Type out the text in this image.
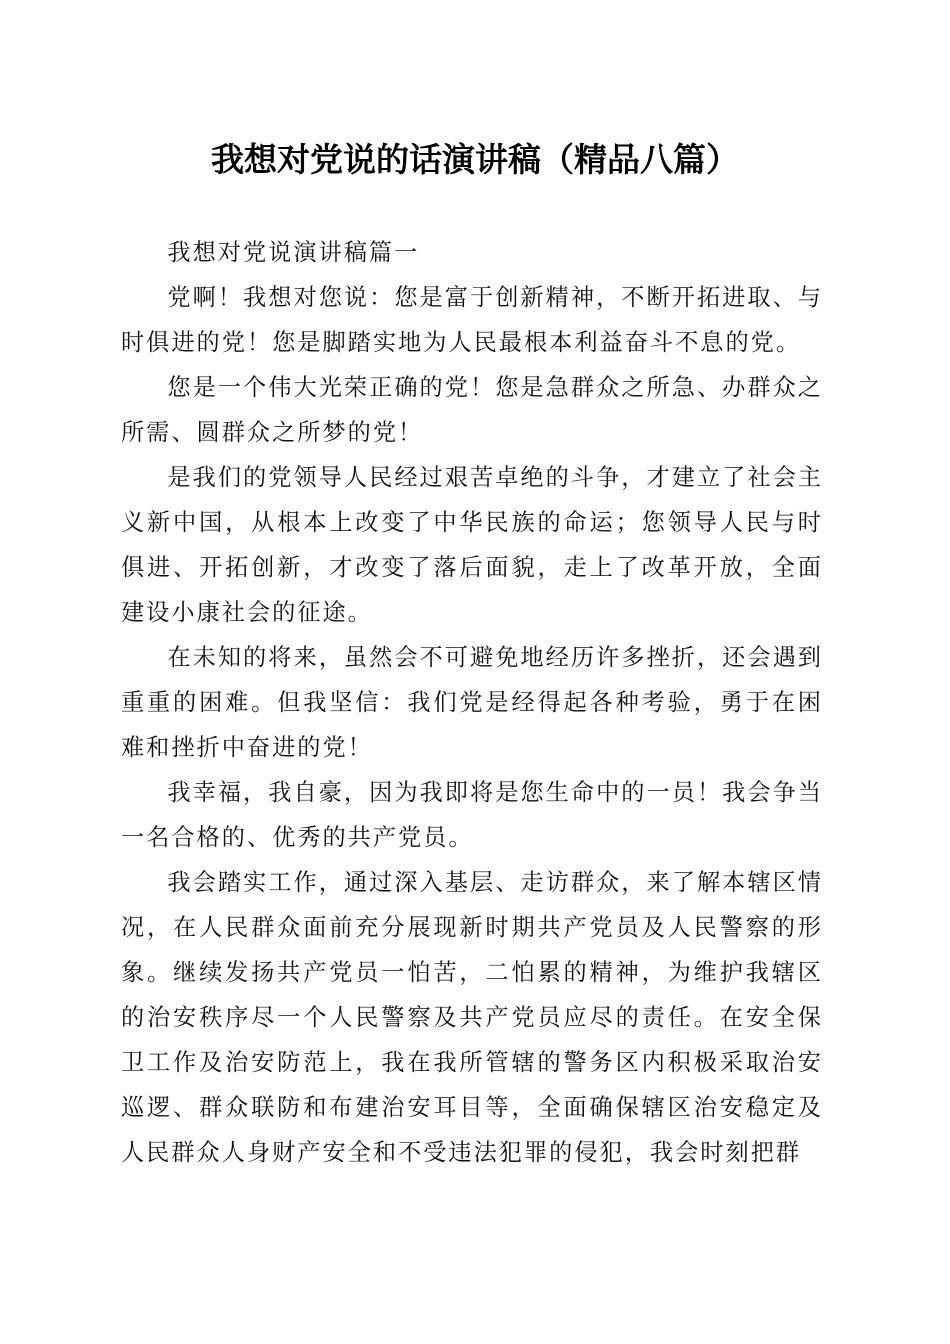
我想对党说的话演讲稿（精品八篇）

我想对党说演讲稿篇一

党啊！我想对您说：您是富于创新精神，不断开拓进取、与时俱进的党！您是脚踏实地为人民最根本利益奋斗不息的党。

您是一个伟大光荣正确的党！您是急群众之所急、办群众之所需、圆群众之所梦的党！

是我们的党领导人民经过艰苦卓绝的斗争，才建立了社会主义新中国，从根本上改变了中华民族的命运；您领导人民与时俱进、开拓创新，才改变了落后面貌，走上了改革开放，全面建设小康社会的征途。

在未知的将来，虽然会不可避免地经历许多挫折，还会遇到重重的困难。但我坚信：我们党是经得起各种考验，勇于在困难和挫折中奋进的党！

我幸福，我自豪，因为我即将是您生命中的一员！我会争当一名合格的、优秀的共产党员。

我会踏实工作，通过深入基层、走访群众，来了解本辖区情况，在人民群众面前充分展现新时期共产党员及人民警察的形象。继续发扬共产党员一怕苦，二怕累的精神，为维护我辖区的治安秩序尽一个人民警察及共产党员应尽的责任。在安全保卫工作及治安防范上，我在我所管辖的警务区内积极采取治安巡逻、群众联防和布建治安耳目等，全面确保辖区治安稳定及人民群众人身财产安全和不受违法犯罪的侵犯，我会时刻把群
